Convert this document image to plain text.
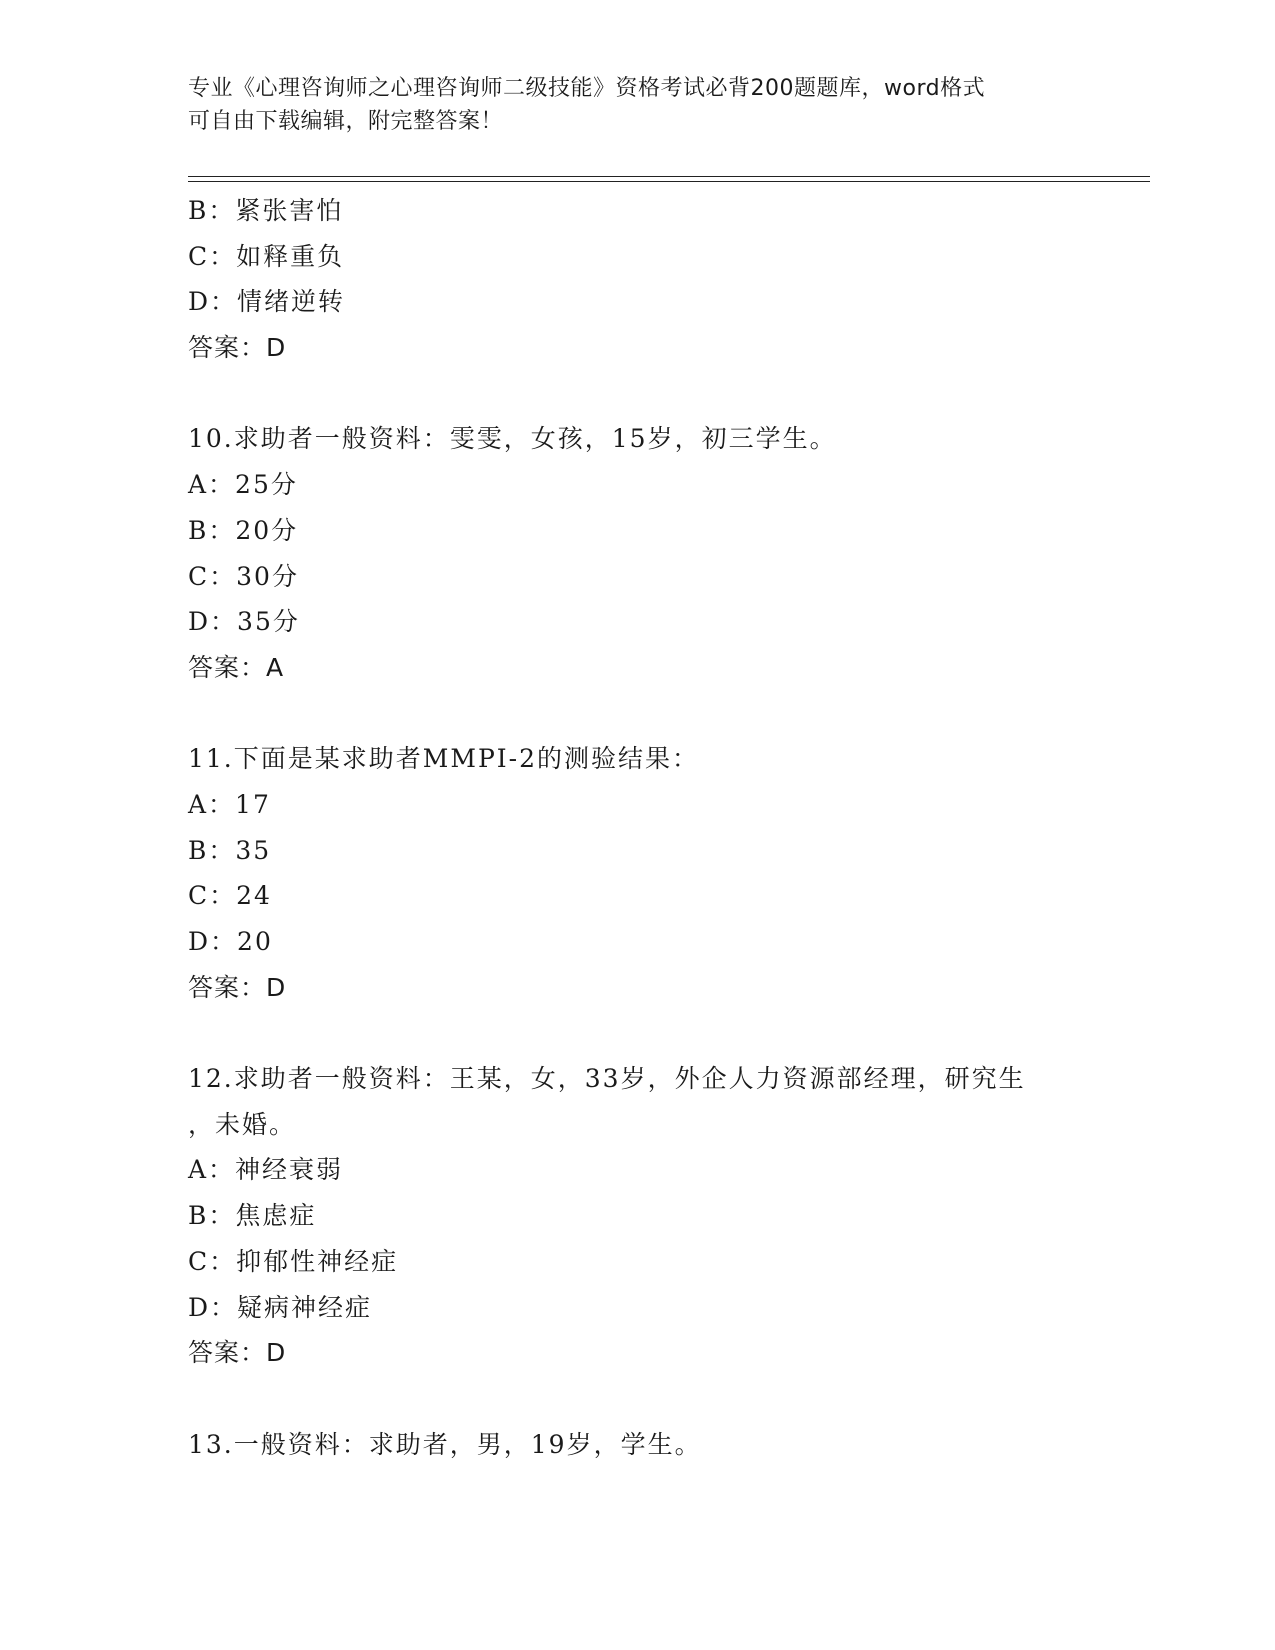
专业《心理咨询师之心理咨询师二级技能》资格考试必背200题题库，word格式
可自由下载编辑，附完整答案！
B：紧张害怕
C：如释重负
D：情绪逆转
答案：D
10.求助者一般资料：雯雯，女孩，15岁，初三学生。
A：25分
B：20分
C：30分
D：35分
答案：A
11.下面是某求助者MMPI-2的测验结果：
A：17
B：35
C：24
D：20
答案：D
12.求助者一般资料：王某，女，33岁，外企人力资源部经理，研究生
，未婚。
A：神经衰弱
B：焦虑症
C：抑郁性神经症
D：疑病神经症
答案：D
13.一般资料：求助者，男，19岁，学生。
